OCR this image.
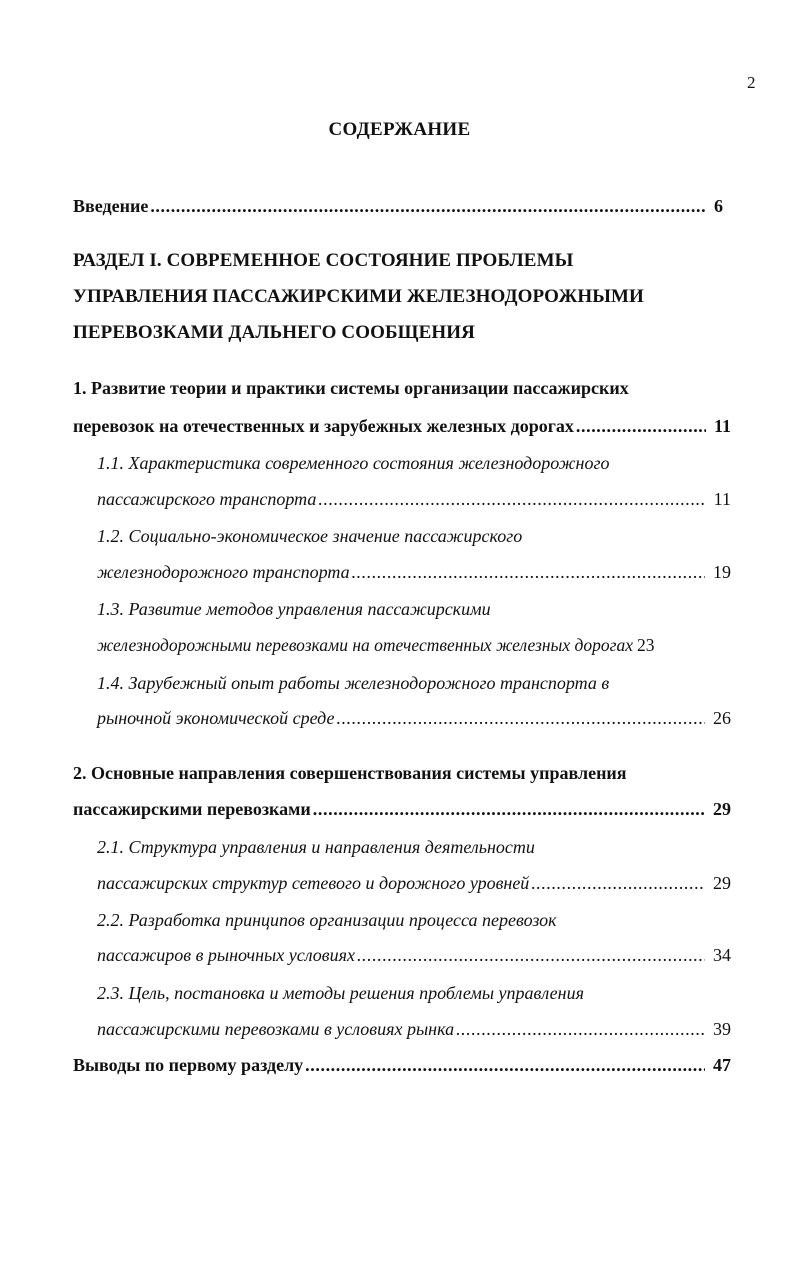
2
СОДЕРЖАНИЕ
Введение .....	6
РАЗДЕЛ I. СОВРЕМЕННОЕ СОСТОЯНИЕ ПРОБЛЕМЫ
УПРАВЛЕНИЯ ПАССАЖИРСКИМИ ЖЕЛЕЗНОДОРОЖНЫМИ
ПЕРЕВОЗКАМИ ДАЛЬНЕГО СООБЩЕНИЯ
1. Развитие теории и практики системы организации пассажирских
перевозок на отечественных и зарубежных железных дорогах .....	11
1.1. Характеристика современного состояния железнодорожного
пассажирского транспорта .....	11
1.2. Социально-экономическое значение пассажирского
железнодорожного транспорта .....	19
1.3. Развитие методов управления пассажирскими
железнодорожными перевозками на отечественных железных дорогах 23
1.4. Зарубежный опыт работы железнодорожного транспорта в
рыночной экономической среде .....	26
2. Основные направления совершенствования системы управления
пассажирскими перевозками .....	29
2.1. Структура управления и направления деятельности
пассажирских структур сетевого и дорожного уровней .....	29
2.2. Разработка принципов организации процесса перевозок
пассажиров в рыночных условиях .....	34
2.3. Цель, постановка и методы решения проблемы управления
пассажирскими перевозками в условиях рынка .....	39
Выводы по первому разделу .....	47
